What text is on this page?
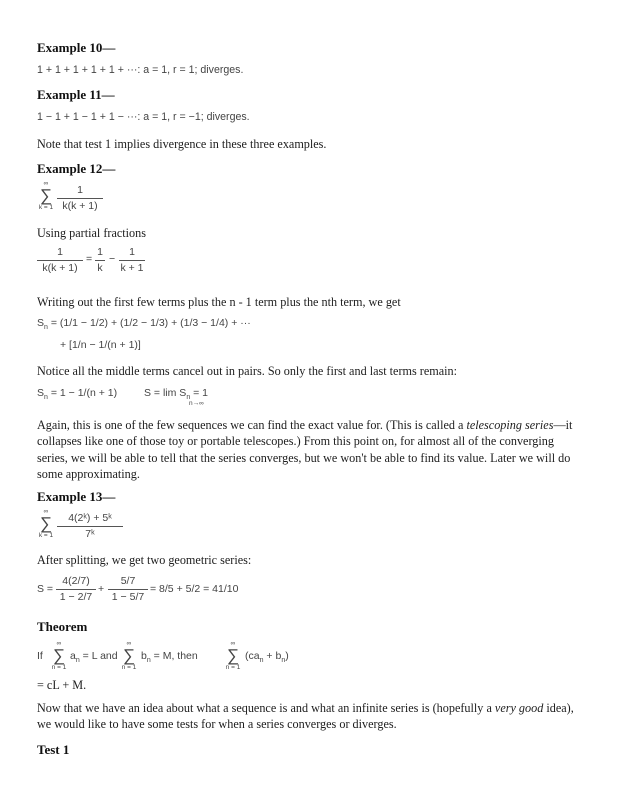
Example 10—
1 + 1 + 1 + 1 + 1 + ···: a = 1, r = 1; diverges.
Example 11—
1 − 1 + 1 − 1 + 1 − ···: a = 1, r = −1; diverges.
Note that test 1 implies divergence in these three examples.
Example 12—
∞
∑
k = 1
1
k(k + 1)
Using partial fractions
1
k(k + 1)
=
1
k
−
1
k + 1
Writing out the first few terms plus the n - 1 term plus the nth term, we get
$S_n = (1/1 - 1/2) + (1/2 - 1/3) + (1/3 - 1/4)$ + ···
+ [1/n − 1/(n + 1)]
Notice all the middle terms cancel out in pairs. So only the first and last terms remain:
$S_n = 1 - 1/(n + 1)$	$S = \lim S_n = 1$
n→∞
Again, this is one of the few sequences we can find the exact value for. (This is called a telescoping series—it collapses like one of those toy or portable telescopes.) From this point on, for almost all of the converging series, we will be able to tell that the series converges, but we won't be able to find its value. Later we will do some approximating.
Example 13—
∞
∑
k = 1
4(2ᵏ) + 5ᵏ
7ᵏ
After splitting, we get two geometric series:
S =
4(2/7)
1 − 2/7
+
5/7
1 − 5/7
= 8/5 + 5/2 = 41/10
Theorem
If
∞
∑
n = 1
$a_n = L$ and
∞
∑
n = 1
$b_n = M$, then
∞
∑
n = 1
$(ca_n + b_n)$
= cL + M.
Now that we have an idea about what a sequence is and what an infinite series is (hopefully a very good idea), we would like to have some tests for when a series converges or diverges.
Test 1
